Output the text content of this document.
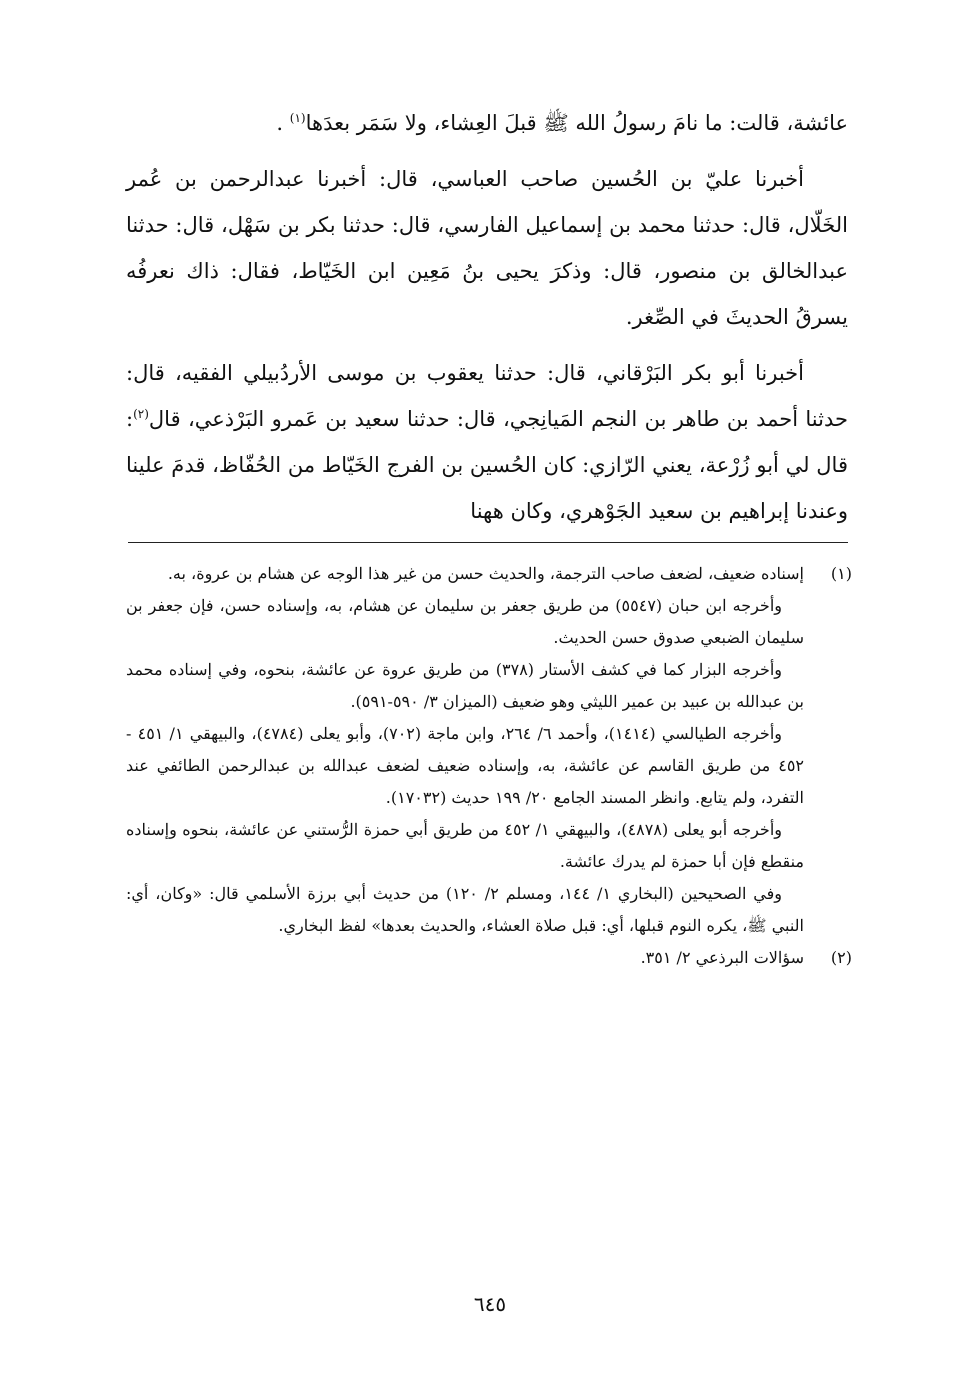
عائشة، قالت: ما نامَ رسولُ الله ﷺ قبلَ العِشاء، ولا سَمَر بعدَها$^{(١)}$ .

أخبرنا عليّ بن الحُسين صاحب العباسي، قال: أخبرنا عبدالرحمن بن عُمر الخَلّال، قال: حدثنا محمد بن إسماعيل الفارسي، قال: حدثنا بكر بن سَهْل، قال: حدثنا عبدالخالق بن منصور، قال: وذكرَ يحيى بنُ مَعِين ابن الخَيّاط، فقال: ذاك نعرفُه يسرقُ الحديثَ في الصِّغر.

أخبرنا أبو بكر البَرْقاني، قال: حدثنا يعقوب بن موسى الأردُبيلي الفقيه، قال: حدثنا أحمد بن طاهر بن النجم المَيانِجي، قال: حدثنا سعيد بن عَمرو البَرْذعي، قال$^{(٢)}$: قال لي أبو زُرْعة، يعني الرّازي: كان الحُسين بن الفرج الخَيّاط من الحُفّاظ، قدمَ علينا وعندنا إبراهيم بن سعيد الجَوْهري، وكان ههنا

(١)

إسناده ضعيف، لضعف صاحب الترجمة، والحديث حسن من غير هذا الوجه عن هشام بن عروة، به.

وأخرجه ابن حبان (٥٥٤٧) من طريق جعفر بن سليمان عن هشام، به، وإسناده حسن، فإن جعفر بن سليمان الضبعي صدوق حسن الحديث.

وأخرجه البزار كما في كشف الأستار (٣٧٨) من طريق عروة عن عائشة، بنحوه، وفي إسناده محمد بن عبدالله بن عبيد بن عمير الليثي وهو ضعيف (الميزان ٣/ ٥٩٠-٥٩١).

وأخرجه الطيالسي (١٤١٤)، وأحمد ٦/ ٢٦٤، وابن ماجة (٧٠٢)، وأبو يعلى (٤٧٨٤)، والبيهقي ١/ ٤٥١ - ٤٥٢ من طريق القاسم عن عائشة، به، وإسناده ضعيف لضعف عبدالله بن عبدالرحمن الطائفي عند التفرد، ولم يتابع. وانظر المسند الجامع ٢٠/ ١٩٩ حديث (١٧٠٣٢).

وأخرجه أبو يعلى (٤٨٧٨)، والبيهقي ١/ ٤٥٢ من طريق أبي حمزة الرُّستني عن عائشة، بنحوه وإسناده منقطع فإن أبا حمزة لم يدرك عائشة.

وفي الصحيحين (البخاري ١/ ١٤٤، ومسلم ٢/ ١٢٠) من حديث أبي برزة الأسلمي قال: «وكان، أي: النبي ﷺ، يكره النوم قبلها، أي: قبل صلاة العشاء، والحديث بعدها» لفظ البخاري.

(٢)

سؤالات البرذعي ٢/ ٣٥١.

٦٤٥
